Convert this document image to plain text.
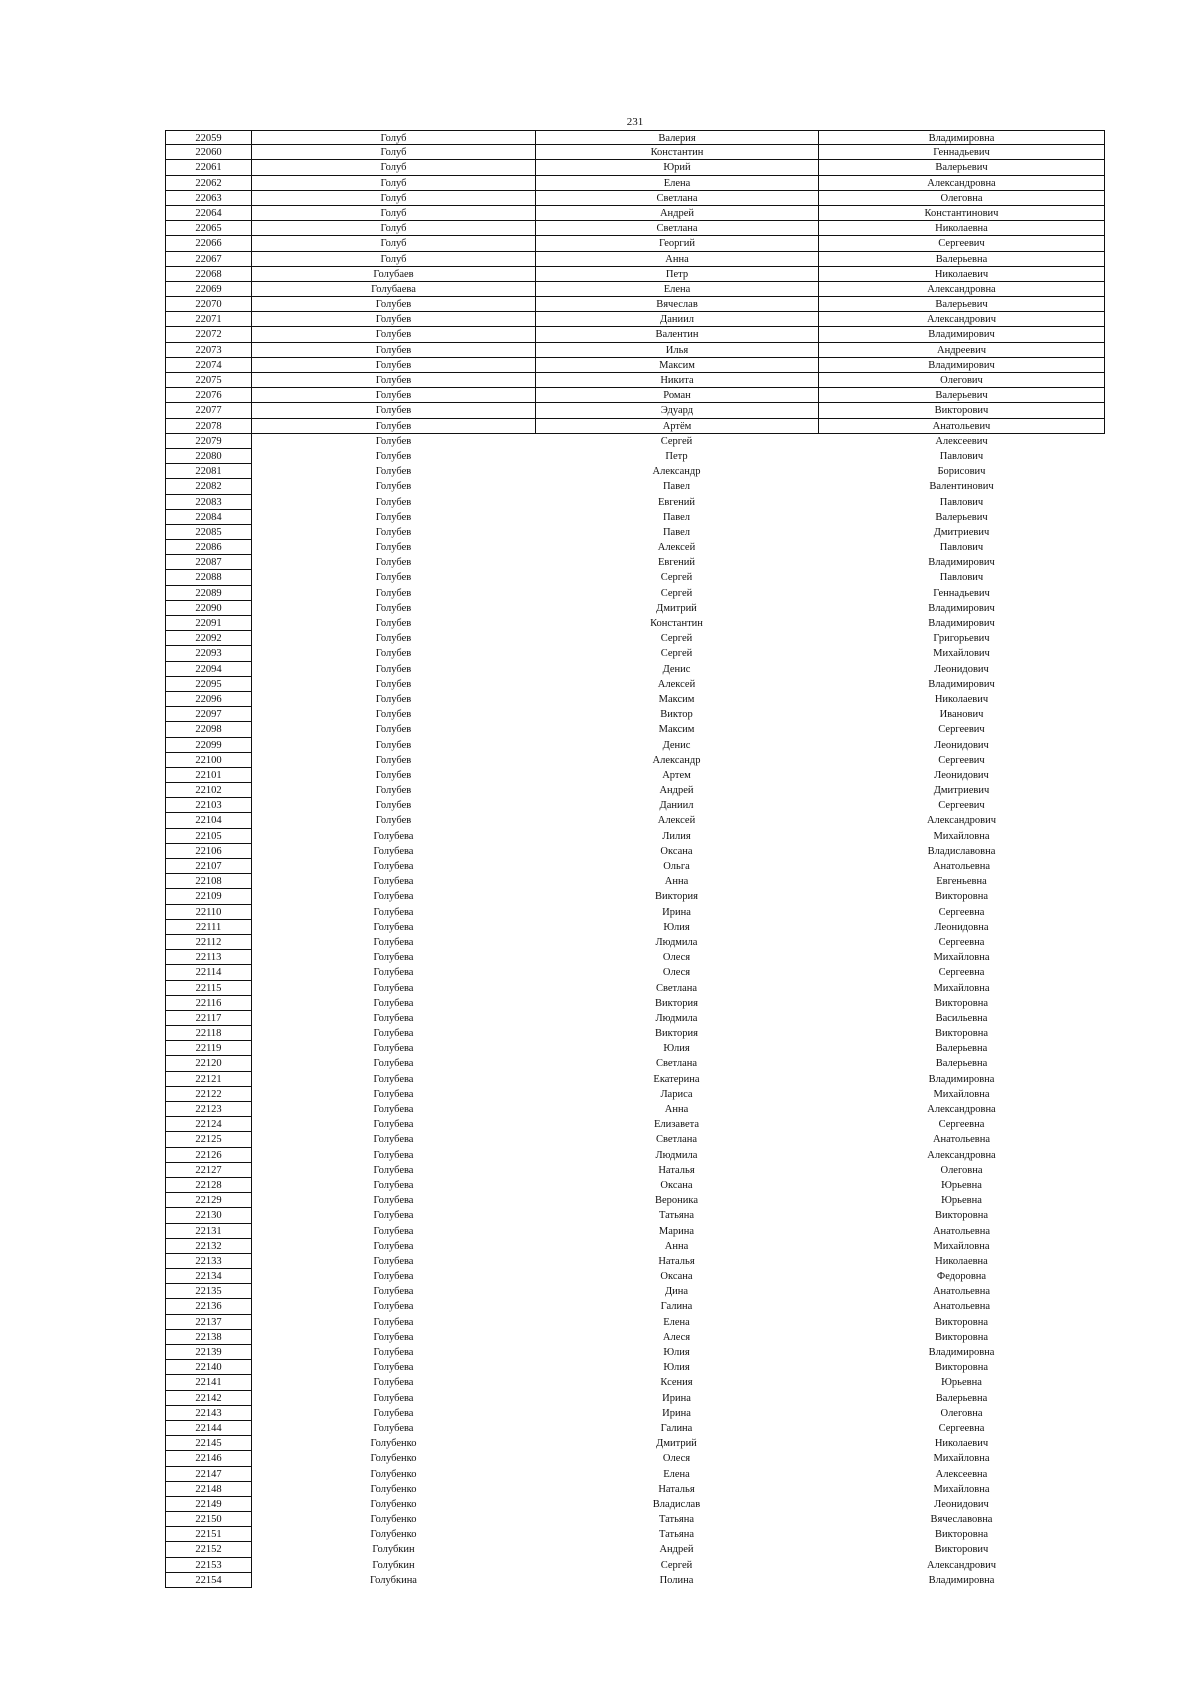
231
22059	Голуб	Валерия	Владимировна
22060	Голуб	Константин	Геннадьевич
22061	Голуб	Юрий	Валерьевич
22062	Голуб	Елена	Александровна
22063	Голуб	Светлана	Олеговна
22064	Голуб	Андрей	Константинович
22065	Голуб	Светлана	Николаевна
22066	Голуб	Георгий	Сергеевич
22067	Голуб	Анна	Валерьевна
22068	Голубаев	Петр	Николаевич
22069	Голубаева	Елена	Александровна
22070	Голубев	Вячеслав	Валерьевич
22071	Голубев	Даниил	Александрович
22072	Голубев	Валентин	Владимирович
22073	Голубев	Илья	Андреевич
22074	Голубев	Максим	Владимирович
22075	Голубев	Никита	Олегович
22076	Голубев	Роман	Валерьевич
22077	Голубев	Эдуард	Викторович
22078	Голубев	Артём	Анатольевич
22079	Голубев	Сергей	Алексеевич
22080	Голубев	Петр	Павлович
22081	Голубев	Александр	Борисович
22082	Голубев	Павел	Валентинович
22083	Голубев	Евгений	Павлович
22084	Голубев	Павел	Валерьевич
22085	Голубев	Павел	Дмитриевич
22086	Голубев	Алексей	Павлович
22087	Голубев	Евгений	Владимирович
22088	Голубев	Сергей	Павлович
22089	Голубев	Сергей	Геннадьевич
22090	Голубев	Дмитрий	Владимирович
22091	Голубев	Константин	Владимирович
22092	Голубев	Сергей	Григорьевич
22093	Голубев	Сергей	Михайлович
22094	Голубев	Денис	Леонидович
22095	Голубев	Алексей	Владимирович
22096	Голубев	Максим	Николаевич
22097	Голубев	Виктор	Иванович
22098	Голубев	Максим	Сергеевич
22099	Голубев	Денис	Леонидович
22100	Голубев	Александр	Сергеевич
22101	Голубев	Артем	Леонидович
22102	Голубев	Андрей	Дмитриевич
22103	Голубев	Даниил	Сергеевич
22104	Голубев	Алексей	Александрович
22105	Голубева	Лилия	Михайловна
22106	Голубева	Оксана	Владиславовна
22107	Голубева	Ольга	Анатольевна
22108	Голубева	Анна	Евгеньевна
22109	Голубева	Виктория	Викторовна
22110	Голубева	Ирина	Сергеевна
22111	Голубева	Юлия	Леонидовна
22112	Голубева	Людмила	Сергеевна
22113	Голубева	Олеся	Михайловна
22114	Голубева	Олеся	Сергеевна
22115	Голубева	Светлана	Михайловна
22116	Голубева	Виктория	Викторовна
22117	Голубева	Людмила	Васильевна
22118	Голубева	Виктория	Викторовна
22119	Голубева	Юлия	Валерьевна
22120	Голубева	Светлана	Валерьевна
22121	Голубева	Екатерина	Владимировна
22122	Голубева	Лариса	Михайловна
22123	Голубева	Анна	Александровна
22124	Голубева	Елизавета	Сергеевна
22125	Голубева	Светлана	Анатольевна
22126	Голубева	Людмила	Александровна
22127	Голубева	Наталья	Олеговна
22128	Голубева	Оксана	Юрьевна
22129	Голубева	Вероника	Юрьевна
22130	Голубева	Татьяна	Викторовна
22131	Голубева	Марина	Анатольевна
22132	Голубева	Анна	Михайловна
22133	Голубева	Наталья	Николаевна
22134	Голубева	Оксана	Федоровна
22135	Голубева	Дина	Анатольевна
22136	Голубева	Галина	Анатольевна
22137	Голубева	Елена	Викторовна
22138	Голубева	Алеся	Викторовна
22139	Голубева	Юлия	Владимировна
22140	Голубева	Юлия	Викторовна
22141	Голубева	Ксения	Юрьевна
22142	Голубева	Ирина	Валерьевна
22143	Голубева	Ирина	Олеговна
22144	Голубева	Галина	Сергеевна
22145	Голубенко	Дмитрий	Николаевич
22146	Голубенко	Олеся	Михайловна
22147	Голубенко	Елена	Алексеевна
22148	Голубенко	Наталья	Михайловна
22149	Голубенко	Владислав	Леонидович
22150	Голубенко	Татьяна	Вячеславовна
22151	Голубенко	Татьяна	Викторовна
22152	Голубкин	Андрей	Викторович
22153	Голубкин	Сергей	Александрович
22154	Голубкина	Полина	Владимировна
